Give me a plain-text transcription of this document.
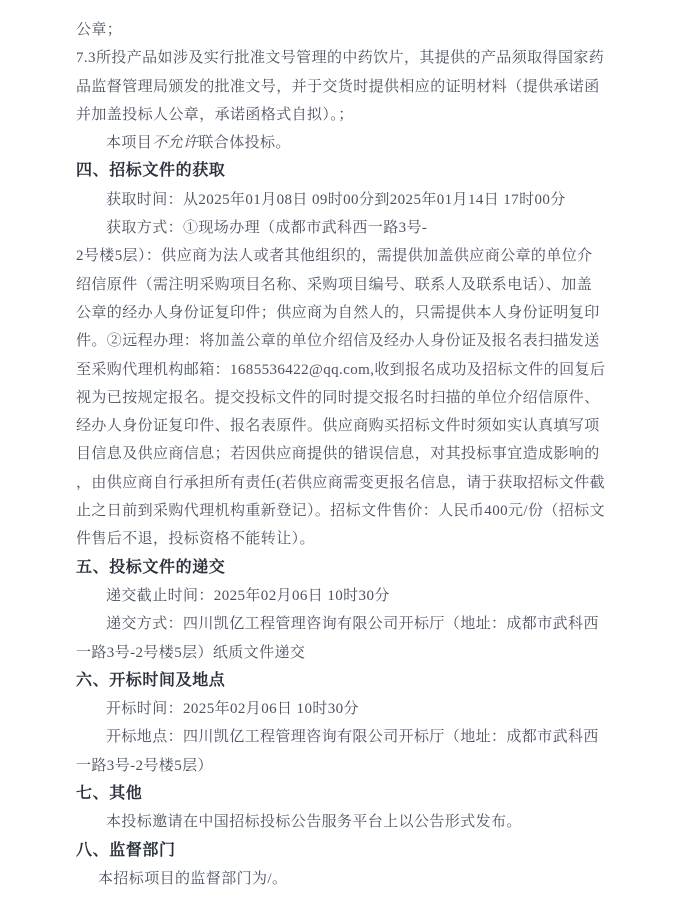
公章；
7.3所投产品如涉及实行批准文号管理的中药饮片，其提供的产品须取得国家药
品监督管理局颁发的批准文号，并于交货时提供相应的证明材料（提供承诺函
并加盖投标人公章，承诺函格式自拟）。；
本项目不允许联合体投标。
四、招标文件的获取
获取时间：从2025年01月08日 09时00分到2025年01月14日 17时00分
获取方式：①现场办理（成都市武科西一路3号-
2号楼5层）：供应商为法人或者其他组织的，需提供加盖供应商公章的单位介
绍信原件（需注明采购项目名称、采购项目编号、联系人及联系电话）、加盖
公章的经办人身份证复印件；供应商为自然人的，只需提供本人身份证明复印
件。②远程办理：将加盖公章的单位介绍信及经办人身份证及报名表扫描发送
至采购代理机构邮箱：1685536422@qq.com,收到报名成功及招标文件的回复后
视为已按规定报名。提交投标文件的同时提交报名时扫描的单位介绍信原件、
经办人身份证复印件、报名表原件。供应商购买招标文件时须如实认真填写项
目信息及供应商信息；若因供应商提供的错误信息，对其投标事宜造成影响的
，由供应商自行承担所有责任(若供应商需变更报名信息，请于获取招标文件截
止之日前到采购代理机构重新登记）。招标文件售价：人民币400元/份（招标文
件售后不退，投标资格不能转让）。
五、投标文件的递交
递交截止时间：2025年02月06日 10时30分
递交方式：四川凯亿工程管理咨询有限公司开标厅（地址：成都市武科西
一路3号-2号楼5层）纸质文件递交
六、开标时间及地点
开标时间：2025年02月06日 10时30分
开标地点：四川凯亿工程管理咨询有限公司开标厅（地址：成都市武科西
一路3号-2号楼5层）
七、其他
本投标邀请在中国招标投标公告服务平台上以公告形式发布。
八、监督部门
本招标项目的监督部门为/。
